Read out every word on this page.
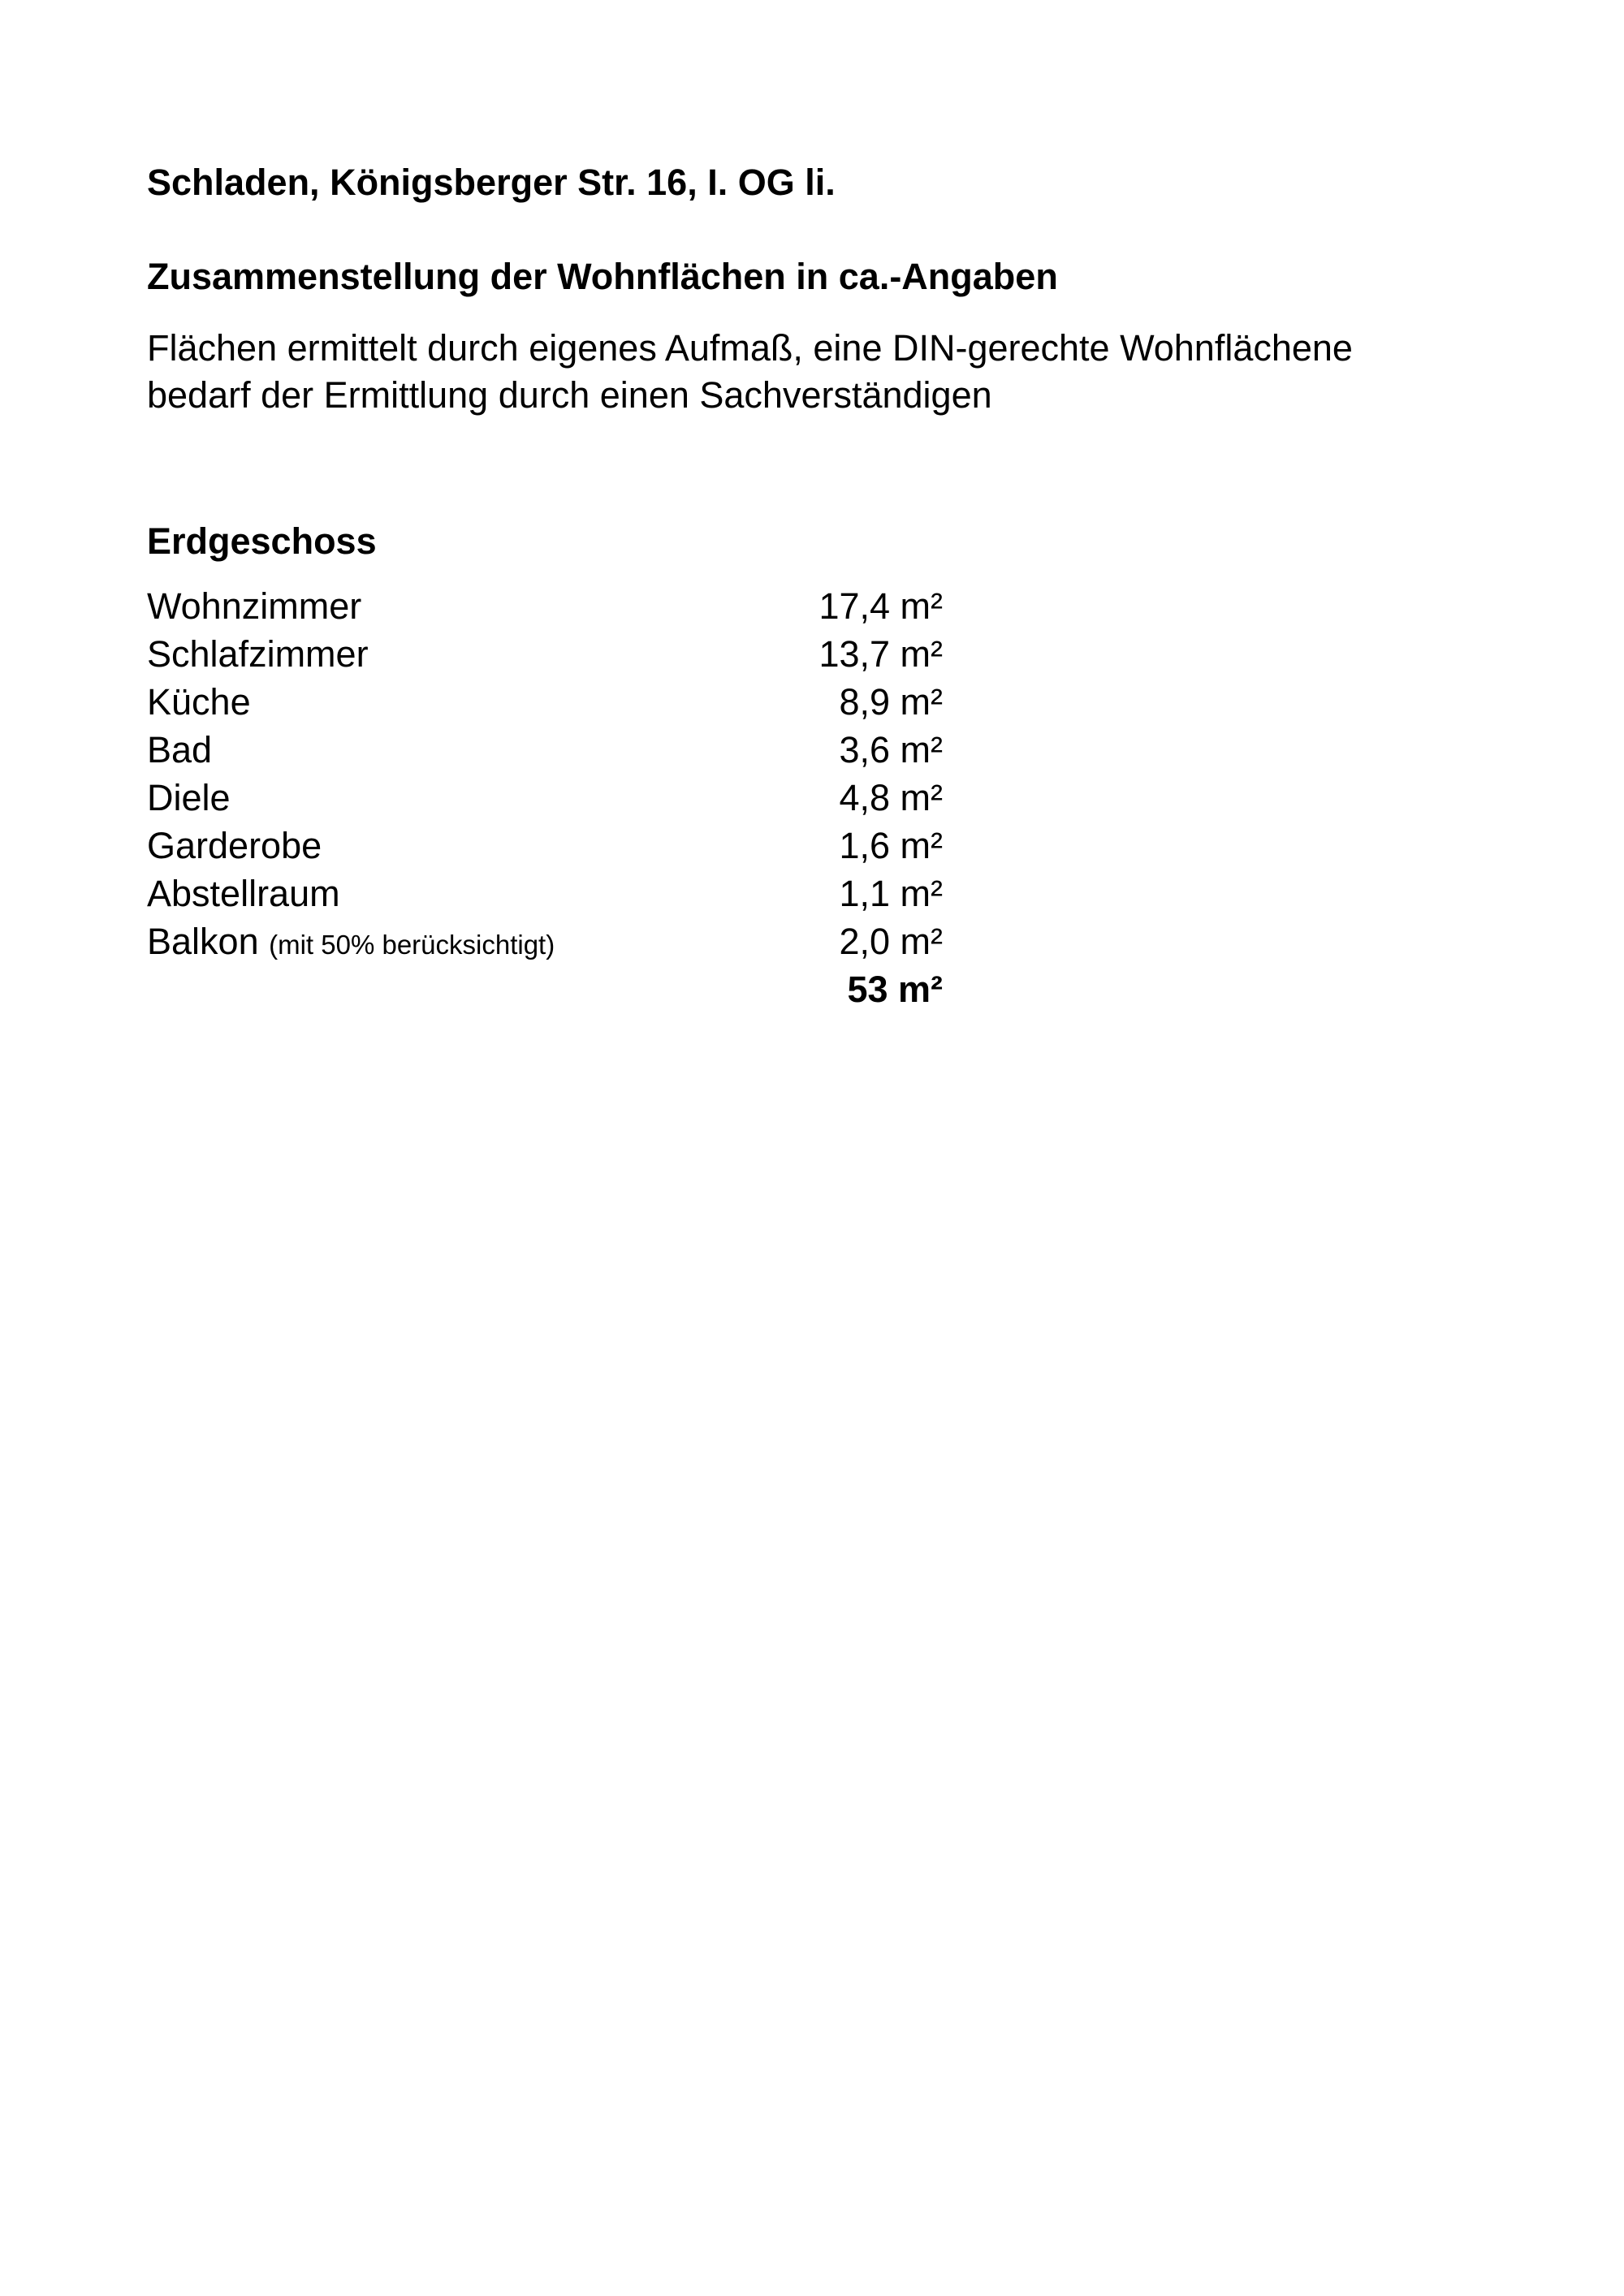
Schladen, Königsberger Str. 16, I. OG li.
Zusammenstellung der Wohnflächen in ca.-Angaben
Flächen ermittelt durch eigenes Aufmaß, eine DIN-gerechte Wohnflächene
bedarf der Ermittlung durch einen Sachverständigen
Erdgeschoss
Wohnzimmer	17,4 m²
Schlafzimmer	13,7 m²
Küche	8,9 m²
Bad	3,6 m²
Diele	4,8 m²
Garderobe	1,6 m²
Abstellraum	1,1 m²
Balkon (mit 50% berücksichtigt)	2,0 m²
53 m²
